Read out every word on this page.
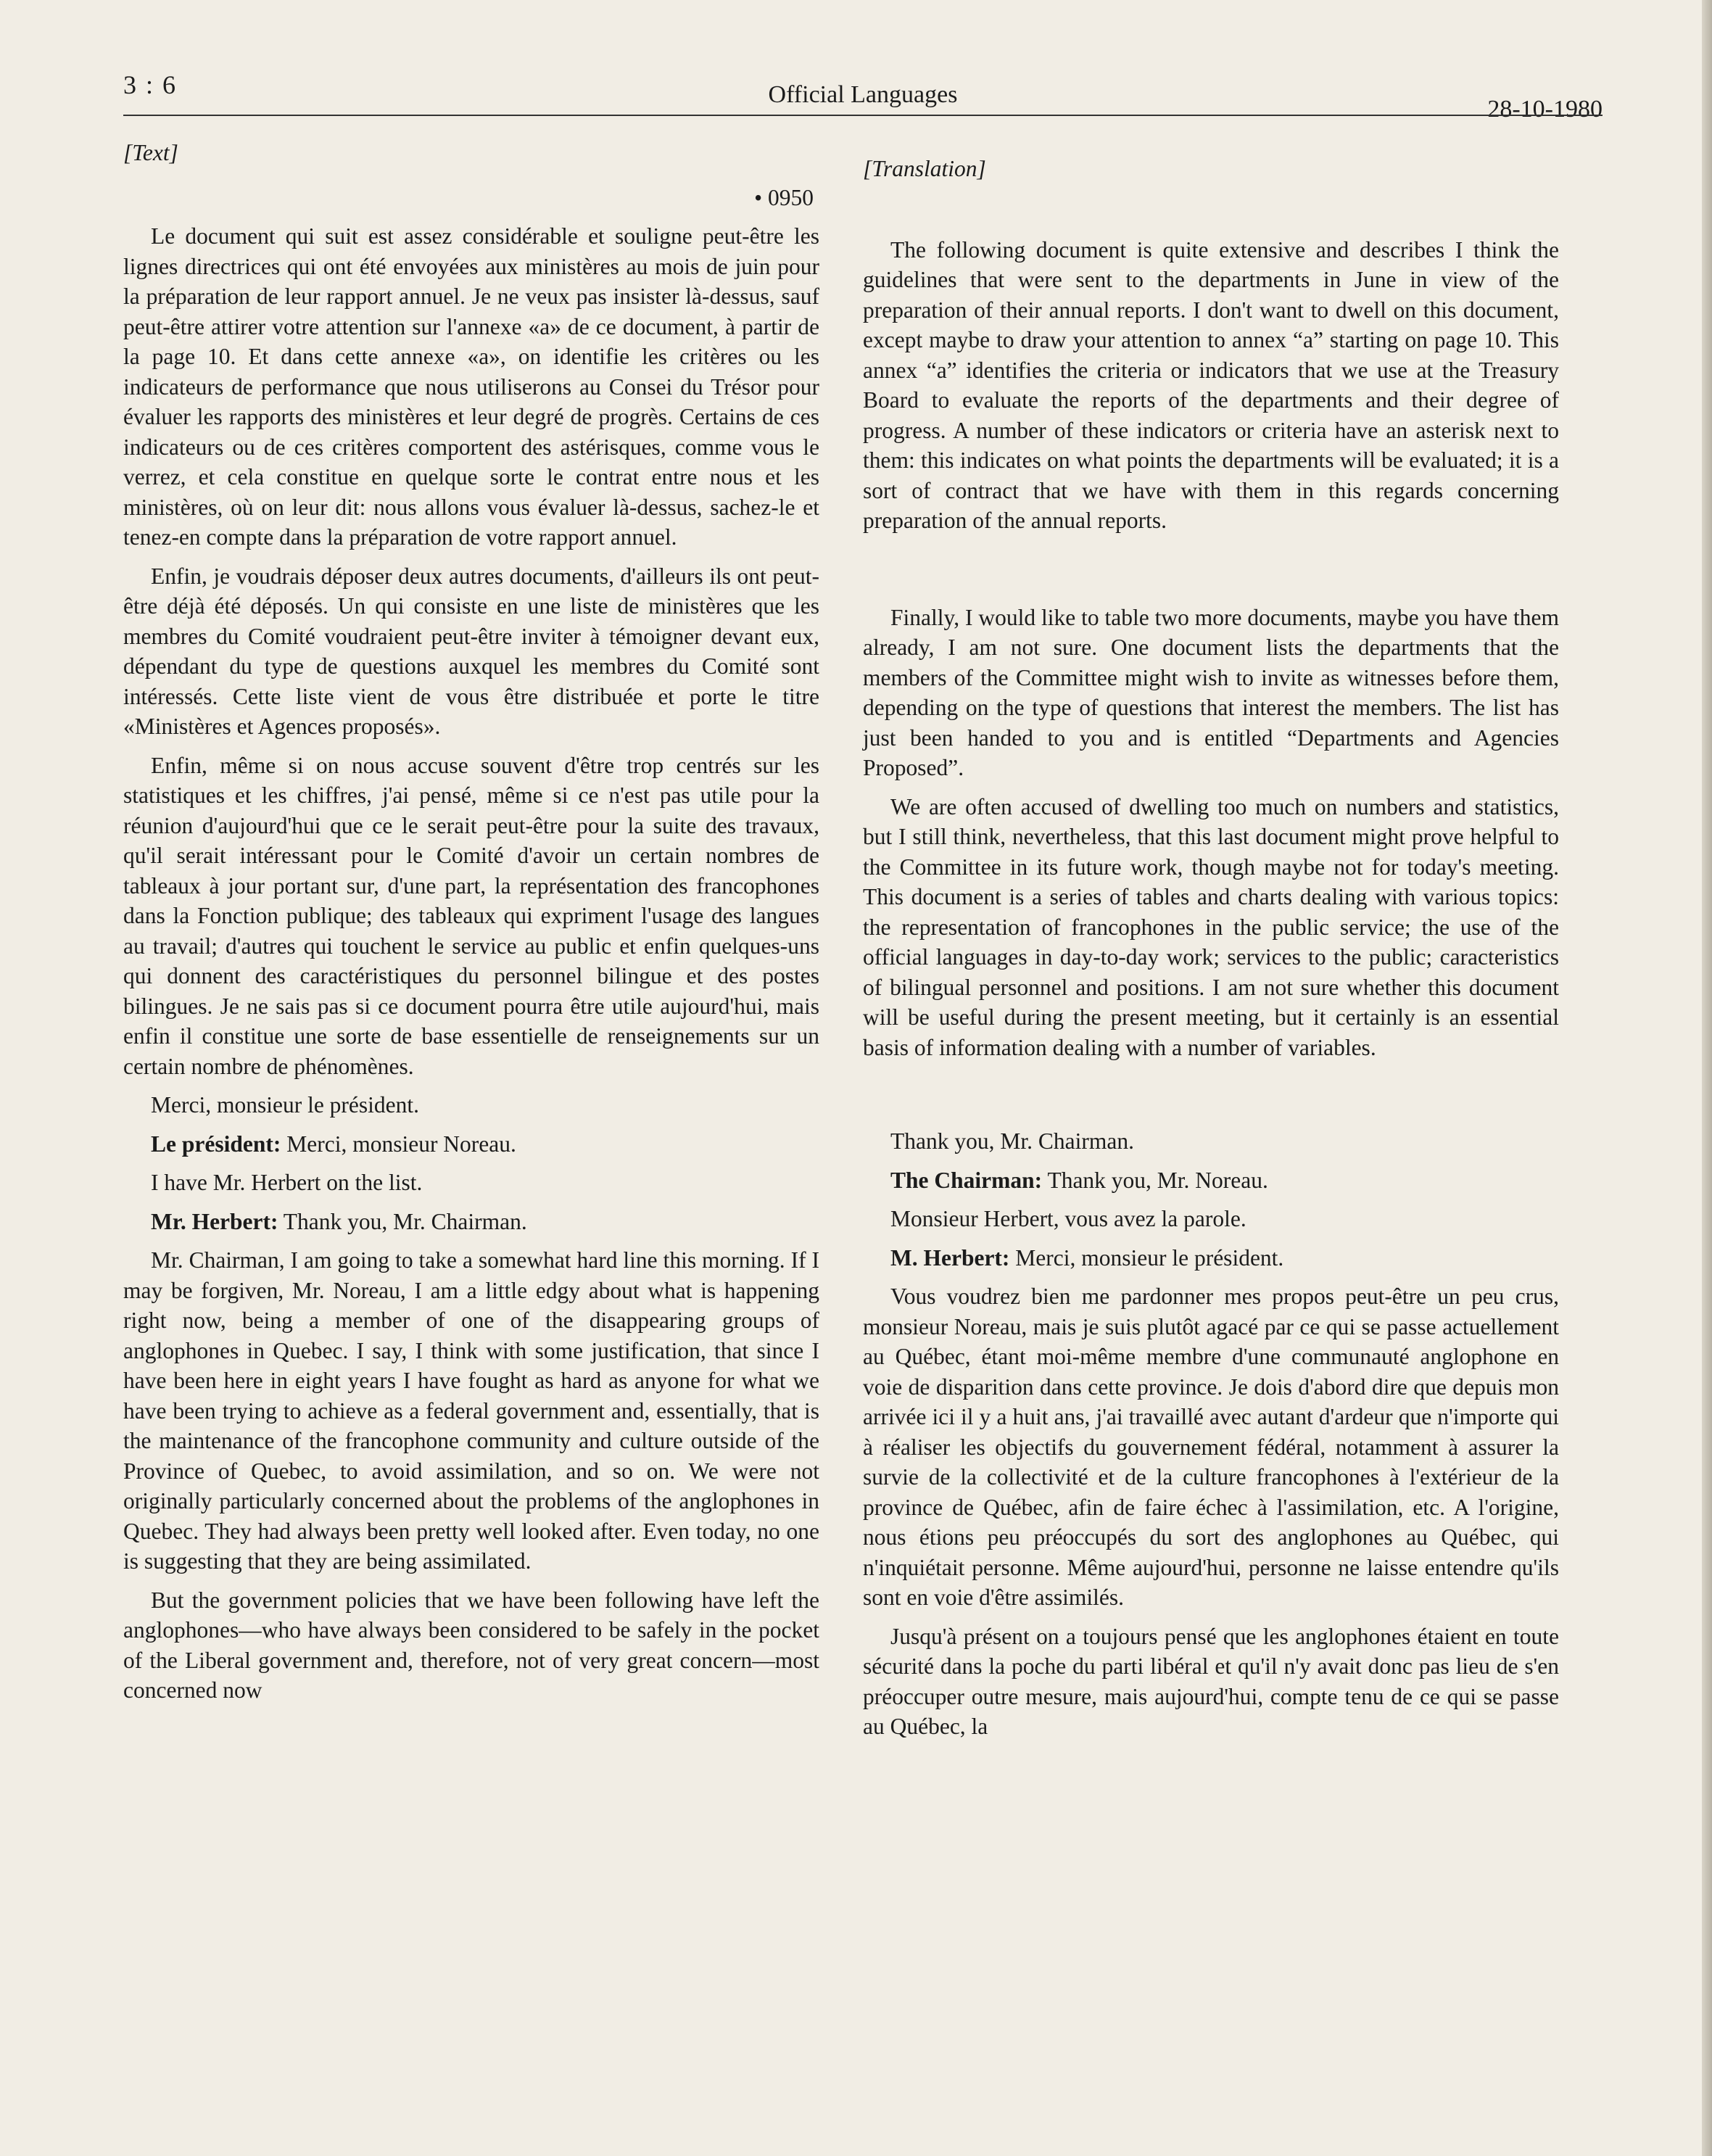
3 : 6	Official Languages
28-10-1980

[Text]

• 0950

Le document qui suit est assez considérable et souligne peut-être les lignes directrices qui ont été envoyées aux ministères au mois de juin pour la préparation de leur rapport annuel. Je ne veux pas insister là-dessus, sauf peut-être attirer votre attention sur l'annexe «a» de ce document, à partir de la page 10. Et dans cette annexe «a», on identifie les critères ou les indicateurs de performance que nous utiliserons au Consei du Trésor pour évaluer les rapports des ministères et leur degré de progrès. Certains de ces indicateurs ou de ces critères comportent des astérisques, comme vous le verrez, et cela constitue en quelque sorte le contrat entre nous et les ministères, où on leur dit: nous allons vous évaluer là-dessus, sachez-le et tenez-en compte dans la préparation de votre rapport annuel.

Enfin, je voudrais déposer deux autres documents, d'ailleurs ils ont peut-être déjà été déposés. Un qui consiste en une liste de ministères que les membres du Comité voudraient peut-être inviter à témoigner devant eux, dépendant du type de questions auxquel les membres du Comité sont intéressés. Cette liste vient de vous être distribuée et porte le titre «Ministères et Agences proposés».

Enfin, même si on nous accuse souvent d'être trop centrés sur les statistiques et les chiffres, j'ai pensé, même si ce n'est pas utile pour la réunion d'aujourd'hui que ce le serait peut-être pour la suite des travaux, qu'il serait intéressant pour le Comité d'avoir un certain nombres de tableaux à jour portant sur, d'une part, la représentation des francophones dans la Fonction publique; des tableaux qui expriment l'usage des langues au travail; d'autres qui touchent le service au public et enfin quelques-uns qui donnent des caractéristiques du personnel bilingue et des postes bilingues. Je ne sais pas si ce document pourra être utile aujourd'hui, mais enfin il constitue une sorte de base essentielle de renseignements sur un certain nombre de phénomènes.

Merci, monsieur le président.

Le président: Merci, monsieur Noreau.

I have Mr. Herbert on the list.

Mr. Herbert: Thank you, Mr. Chairman.

Mr. Chairman, I am going to take a somewhat hard line this morning. If I may be forgiven, Mr. Noreau, I am a little edgy about what is happening right now, being a member of one of the disappearing groups of anglophones in Quebec. I say, I think with some justification, that since I have been here in eight years I have fought as hard as anyone for what we have been trying to achieve as a federal government and, essentially, that is the maintenance of the francophone community and culture outside of the Province of Quebec, to avoid assimilation, and so on. We were not originally particularly concerned about the problems of the anglophones in Quebec. They had always been pretty well looked after. Even today, no one is suggesting that they are being assimilated.

But the government policies that we have been following have left the anglophones—who have always been considered to be safely in the pocket of the Liberal government and, therefore, not of very great concern—most concerned now

[Translation]

The following document is quite extensive and describes I think the guidelines that were sent to the departments in June in view of the preparation of their annual reports. I don't want to dwell on this document, except maybe to draw your attention to annex “a” starting on page 10. This annex “a” identifies the criteria or indicators that we use at the Treasury Board to evaluate the reports of the departments and their degree of progress. A number of these indicators or criteria have an asterisk next to them: this indicates on what points the departments will be evaluated; it is a sort of contract that we have with them in this regards concerning preparation of the annual reports.

Finally, I would like to table two more documents, maybe you have them already, I am not sure. One document lists the departments that the members of the Committee might wish to invite as witnesses before them, depending on the type of questions that interest the members. The list has just been handed to you and is entitled “Departments and Agencies Proposed”.

We are often accused of dwelling too much on numbers and statistics, but I still think, nevertheless, that this last document might prove helpful to the Committee in its future work, though maybe not for today's meeting. This document is a series of tables and charts dealing with various topics: the representation of francophones in the public service; the use of the official languages in day-to-day work; services to the public; caracteristics of bilingual personnel and positions. I am not sure whether this document will be useful during the present meeting, but it certainly is an essential basis of information dealing with a number of variables.

Thank you, Mr. Chairman.

The Chairman: Thank you, Mr. Noreau.

Monsieur Herbert, vous avez la parole.

M. Herbert: Merci, monsieur le président.

Vous voudrez bien me pardonner mes propos peut-être un peu crus, monsieur Noreau, mais je suis plutôt agacé par ce qui se passe actuellement au Québec, étant moi-même membre d'une communauté anglophone en voie de disparition dans cette province. Je dois d'abord dire que depuis mon arrivée ici il y a huit ans, j'ai travaillé avec autant d'ardeur que n'importe qui à réaliser les objectifs du gouvernement fédéral, notamment à assurer la survie de la collectivité et de la culture francophones à l'extérieur de la province de Québec, afin de faire échec à l'assimilation, etc. A l'origine, nous étions peu préoccupés du sort des anglophones au Québec, qui n'inquiétait personne. Même aujourd'hui, personne ne laisse entendre qu'ils sont en voie d'être assimilés.

Jusqu'à présent on a toujours pensé que les anglophones étaient en toute sécurité dans la poche du parti libéral et qu'il n'y avait donc pas lieu de s'en préoccuper outre mesure, mais aujourd'hui, compte tenu de ce qui se passe au Québec, la
